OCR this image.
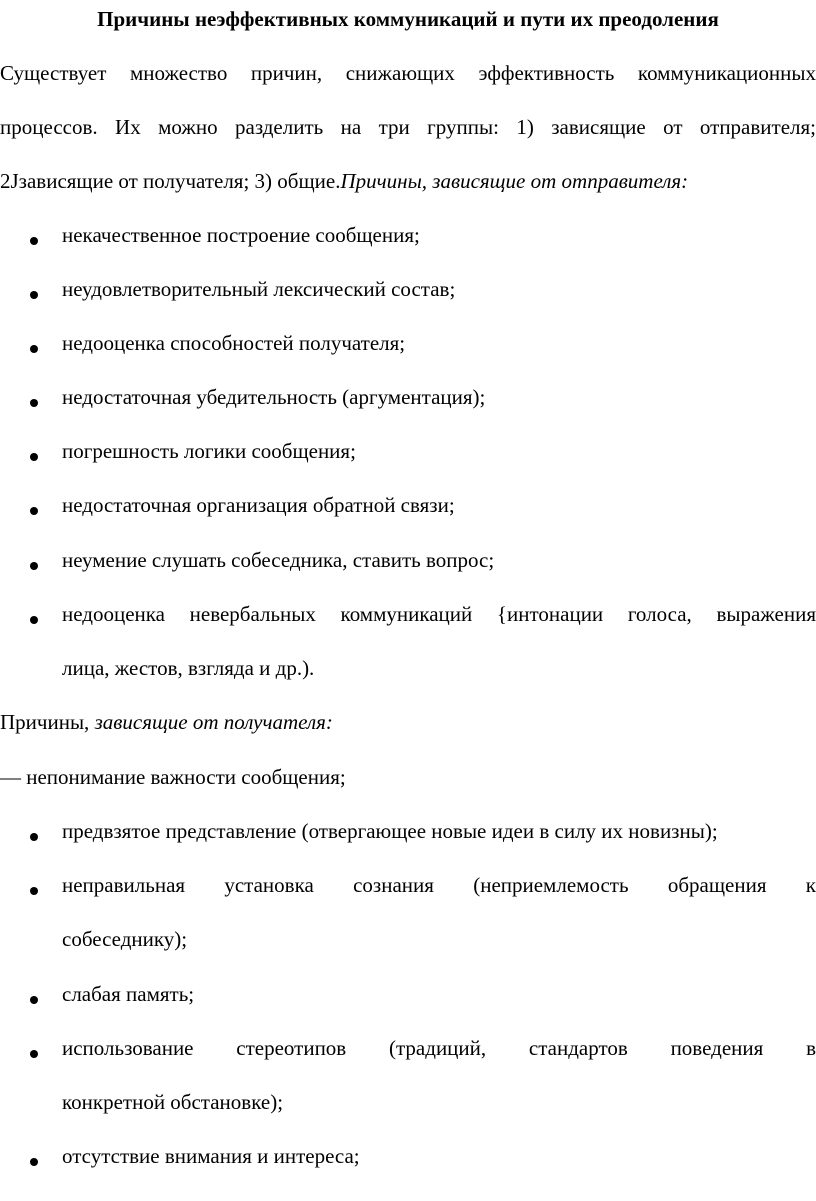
Причины неэффективных коммуникаций и пути их преодоления
Существует множество причин, снижающих эффективность коммуникационных
процессов. Их можно разделить на три группы: 1) зависящие от отправителя;
2Jзависящие от получателя; 3) общие.Причины, зависящие от отправителя:
некачественное построение сообщения;
неудовлетворительный лексический состав;
недооценка способностей получателя;
недостаточная убедительность (аргументация);
погрешность логики сообщения;
недостаточная организация обратной связи;
неумение слушать собеседника, ставить вопрос;
недооценка невербальных коммуникаций {интонации голоса, выражения
лица, жестов, взгляда и др.).
Причины, зависящие от получателя:
— непонимание важности сообщения;
предвзятое представление (отвергающее новые идеи в силу их новизны);
неправильная установка сознания (неприемлемость обращения к
собеседнику);
слабая память;
использование стереотипов (традиций, стандартов поведения в
конкретной обстановке);
отсутствие внимания и интереса;
